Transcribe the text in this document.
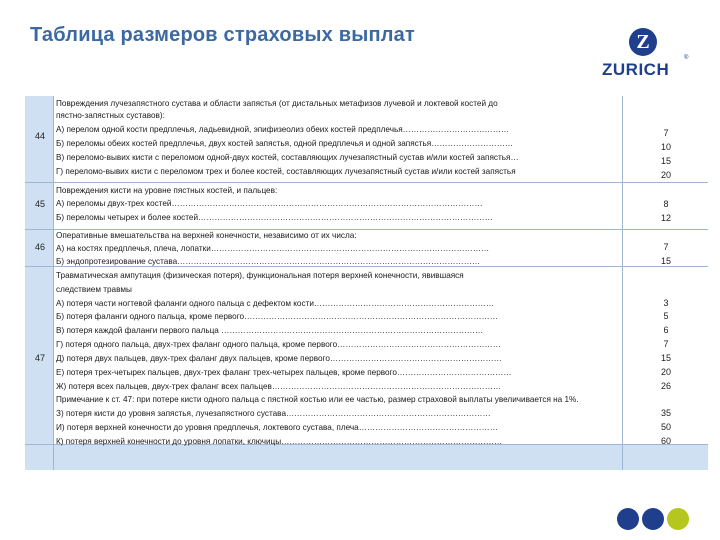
Таблица размеров страховых выплат	Z
ZURICH
®
44
Повреждения лучезапястного сустава и области запястья (от дистальных метафизов лучевой и локтевой костей до
пястно-запястных суставов):
А) перелом одной кости предплечья, ладьевидной, эпифизеолиз обеих костей предплечья…………………………………
Б) переломы обеих костей предплечья, двух костей запястья, одной предплечья и одной запястья…………………………
В) переломо-вывих кисти с переломом одной-двух костей, составляющих лучезапястный сустав и/или костей запястья…
Г) переломо-вывих кисти с переломом трех и более костей, составляющих лучезапястный сустав и/или костей запястья
7
10
15
20
45
Повреждения кисти на уровне пястных костей, и пальцев:
А) переломы двух-трех костей……………………………………………………………………………………………………
Б) переломы четырех и более костей………………………………………………………………………………………………
8
12
46
Оперативные вмешательства на верхней конечности, независимо от их числа:
А) на костях предплечья, плеча, лопатки…………………………………………………………………………………………
Б) эндопротезирование сустава…………………………………………………………………………………………………
7
15
47
Травматическая ампутация (физическая потеря), функциональная потеря верхней конечности, явившаяся
следствием травмы
А) потеря части ногтевой фаланги одного пальца с дефектом кости…………………………………………………………
Б) потеря фаланги одного пальца, кроме первого…………………………………………………………………………………
В) потеря каждой фаланги первого пальца ……………………………………………………………………………………
Г) потеря одного пальца, двух-трех фаланг одного пальца, кроме первого……………………………………………………
Д) потеря двух пальцев, двух-трех фаланг двух пальцев, кроме первого………………………………………………………
Е) потеря трех-четырех пальцев, двух-трех фаланг трех-четырех пальцев, кроме первого……………………………………
Ж) потеря всех пальцев, двух-трех фаланг всех пальцев…………………………………………………………………………
Примечание к ст. 47: при потере кисти одного пальца с пястной костью или ее частью, размер страховой выплаты увеличивается на 1%.
З) потеря кисти до уровня запястья, лучезапястного сустава…………………………………………………………………
И) потеря верхней конечности до уровня предплечья, локтевого сустава, плеча……………………………………………
К) потеря верхней конечности до уровня лопатки, ключицы………………………………………………………………………
3
5
6
7
15
20
26
35
50
60
